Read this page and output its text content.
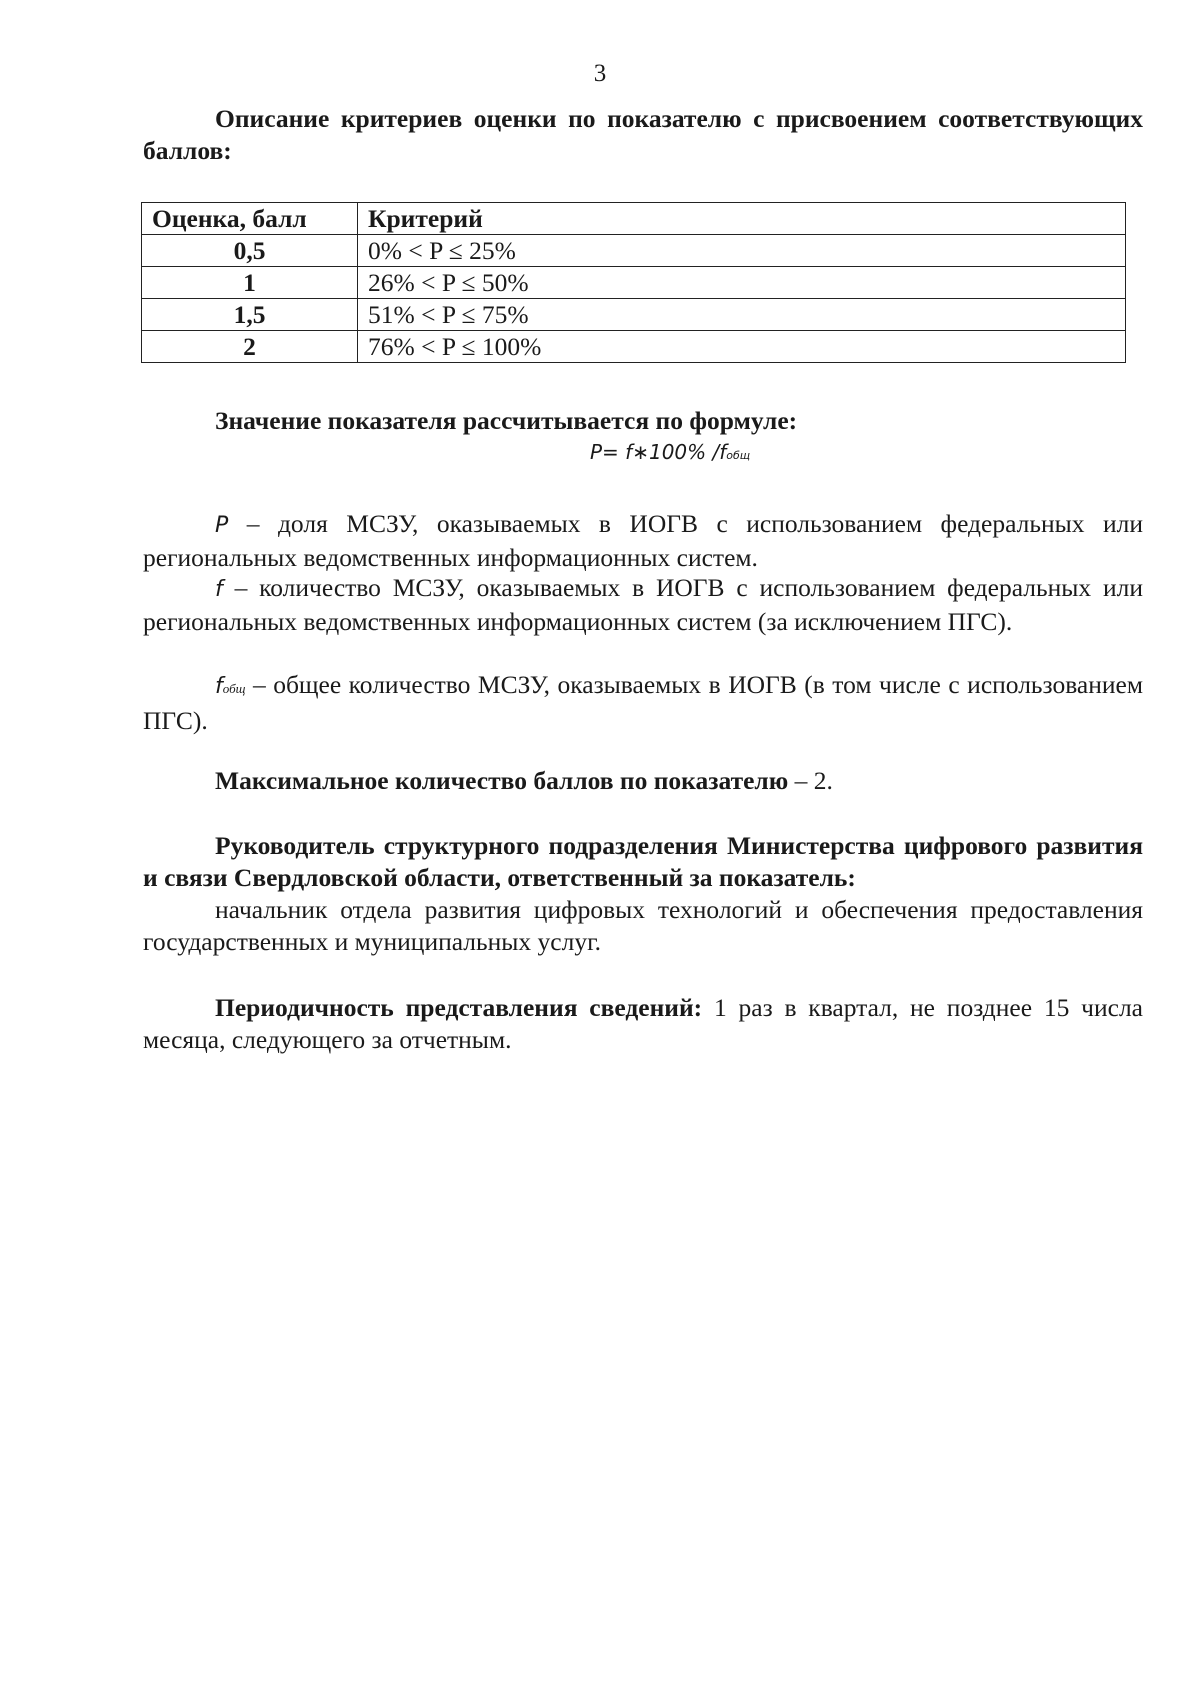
3
Описание критериев оценки по показателю с присвоением соответствующих баллов:
Оценка, балл	Критерий
0,5	0% < P ≤ 25%
1	26% < P ≤ 50%
1,5	51% < P ≤ 75%
2	76% < P ≤ 100%
Значение показателя рассчитывается по формуле:
P= f∗100% /fобщ
P – доля МСЗУ, оказываемых в ИОГВ с использованием федеральных или региональных ведомственных информационных систем.
f – количество МСЗУ, оказываемых в ИОГВ с использованием федеральных или региональных ведомственных информационных систем (за исключением ПГС).
fобщ – общее количество МСЗУ, оказываемых в ИОГВ (в том числе с использованием ПГС).
Максимальное количество баллов по показателю – 2.
Руководитель структурного подразделения Министерства цифрового развития и связи Свердловской области, ответственный за показатель:
начальник отдела развития цифровых технологий и обеспечения предоставления государственных и муниципальных услуг.
Периодичность представления сведений: 1 раз в квартал, не позднее 15 числа месяца, следующего за отчетным.
